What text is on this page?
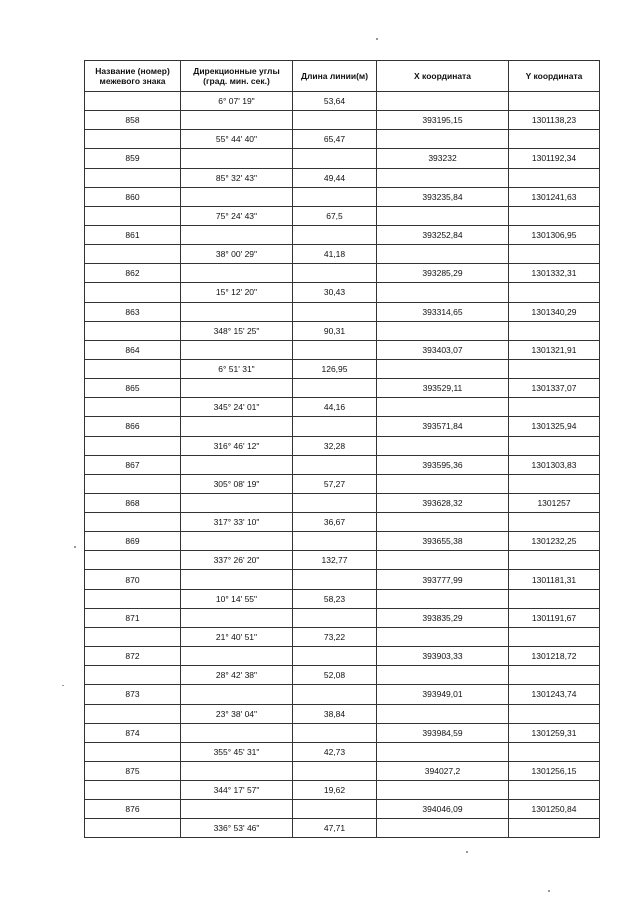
Название (номер) межевого знака	Дирекционные углы (град. мин. сек.)	Длина линии(м)	X координата	Y координата
	6° 07' 19"	53,64		
858			393195,15	1301138,23
	55° 44' 40"	65,47		
859			393232	1301192,34
	85° 32' 43"	49,44		
860			393235,84	1301241,63
	75° 24' 43"	67,5		
861			393252,84	1301306,95
	38° 00' 29"	41,18		
862			393285,29	1301332,31
	15° 12' 20"	30,43		
863			393314,65	1301340,29
	348° 15' 25"	90,31		
864			393403,07	1301321,91
	6° 51' 31"	126,95		
865			393529,11	1301337,07
	345° 24' 01"	44,16		
866			393571,84	1301325,94
	316° 46' 12"	32,28		
867			393595,36	1301303,83
	305° 08' 19"	57,27		
868			393628,32	1301257
	317° 33' 10"	36,67		
869			393655,38	1301232,25
	337° 26' 20"	132,77		
870			393777,99	1301181,31
	10° 14' 55"	58,23		
871			393835,29	1301191,67
	21° 40' 51"	73,22		
872			393903,33	1301218,72
	28° 42' 38"	52,08		
873			393949,01	1301243,74
	23° 38' 04"	38,84		
874			393984,59	1301259,31
	355° 45' 31"	42,73		
875			394027,2	1301256,15
	344° 17' 57"	19,62		
876			394046,09	1301250,84
	336° 53' 46"	47,71		
